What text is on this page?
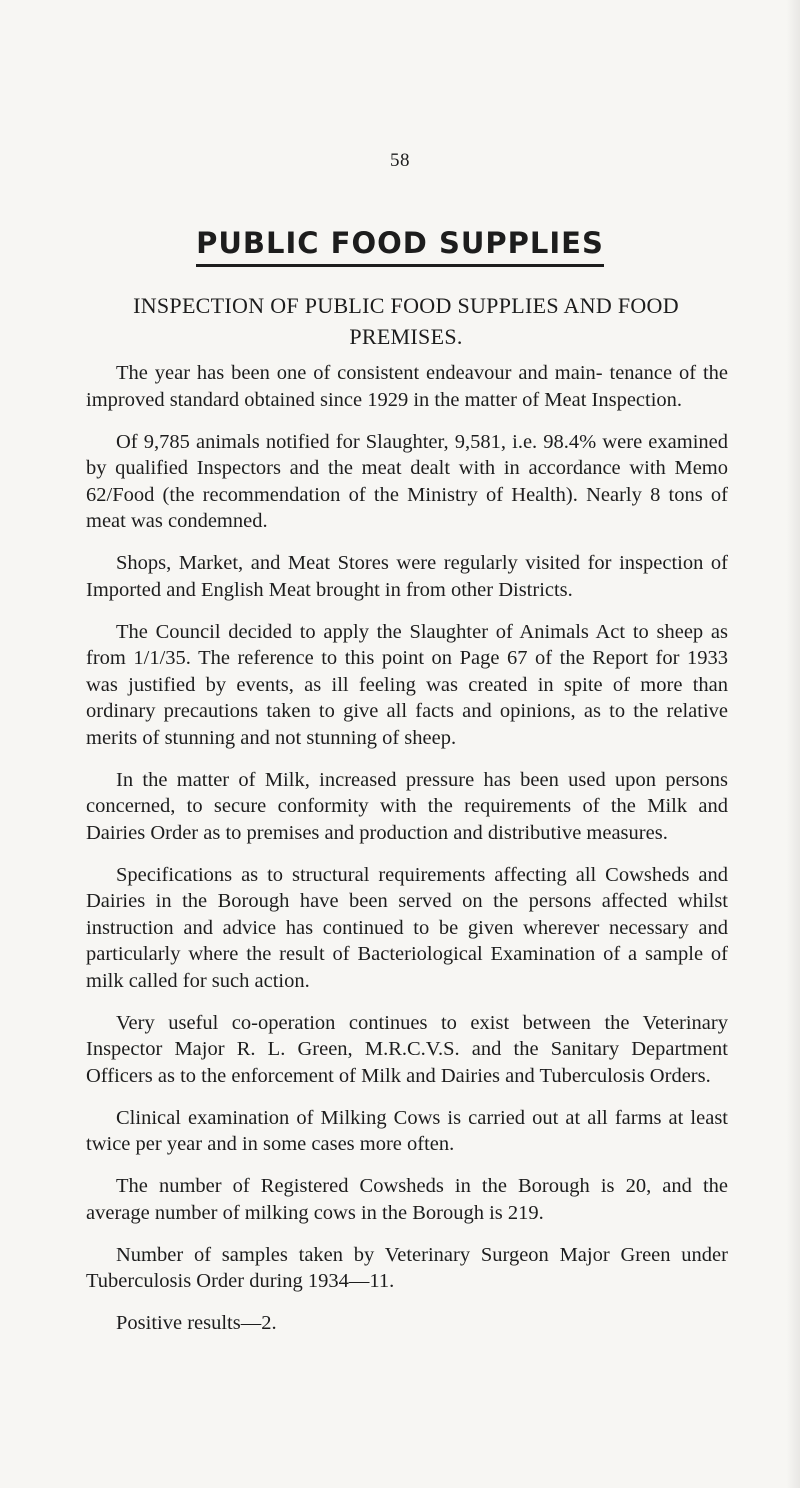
58
PUBLIC FOOD SUPPLIES
INSPECTION OF PUBLIC FOOD SUPPLIES AND FOOD PREMISES.

The year has been one of consistent endeavour and main- tenance of the improved standard obtained since 1929 in the matter of Meat Inspection.

Of 9,785 animals notified for Slaughter, 9,581, i.e. 98.4% were examined by qualified Inspectors and the meat dealt with in accordance with Memo 62/Food (the recommendation of the Ministry of Health). Nearly 8 tons of meat was condemned.

Shops, Market, and Meat Stores were regularly visited for inspection of Imported and English Meat brought in from other Districts.

The Council decided to apply the Slaughter of Animals Act to sheep as from 1/1/35. The reference to this point on Page 67 of the Report for 1933 was justified by events, as ill feeling was created in spite of more than ordinary precautions taken to give all facts and opinions, as to the relative merits of stunning and not stunning of sheep.

In the matter of Milk, increased pressure has been used upon persons concerned, to secure conformity with the requirements of the Milk and Dairies Order as to premises and production and distributive measures.

Specifications as to structural requirements affecting all Cowsheds and Dairies in the Borough have been served on the persons affected whilst instruction and advice has continued to be given wherever necessary and particularly where the result of Bacteriological Examination of a sample of milk called for such action.

Very useful co-operation continues to exist between the Veterinary Inspector Major R. L. Green, M.R.C.V.S. and the Sanitary Department Officers as to the enforcement of Milk and Dairies and Tuberculosis Orders.

Clinical examination of Milking Cows is carried out at all farms at least twice per year and in some cases more often.

The number of Registered Cowsheds in the Borough is 20, and the average number of milking cows in the Borough is 219.

Number of samples taken by Veterinary Surgeon Major Green under Tuberculosis Order during 1934—11.

Positive results—2.
